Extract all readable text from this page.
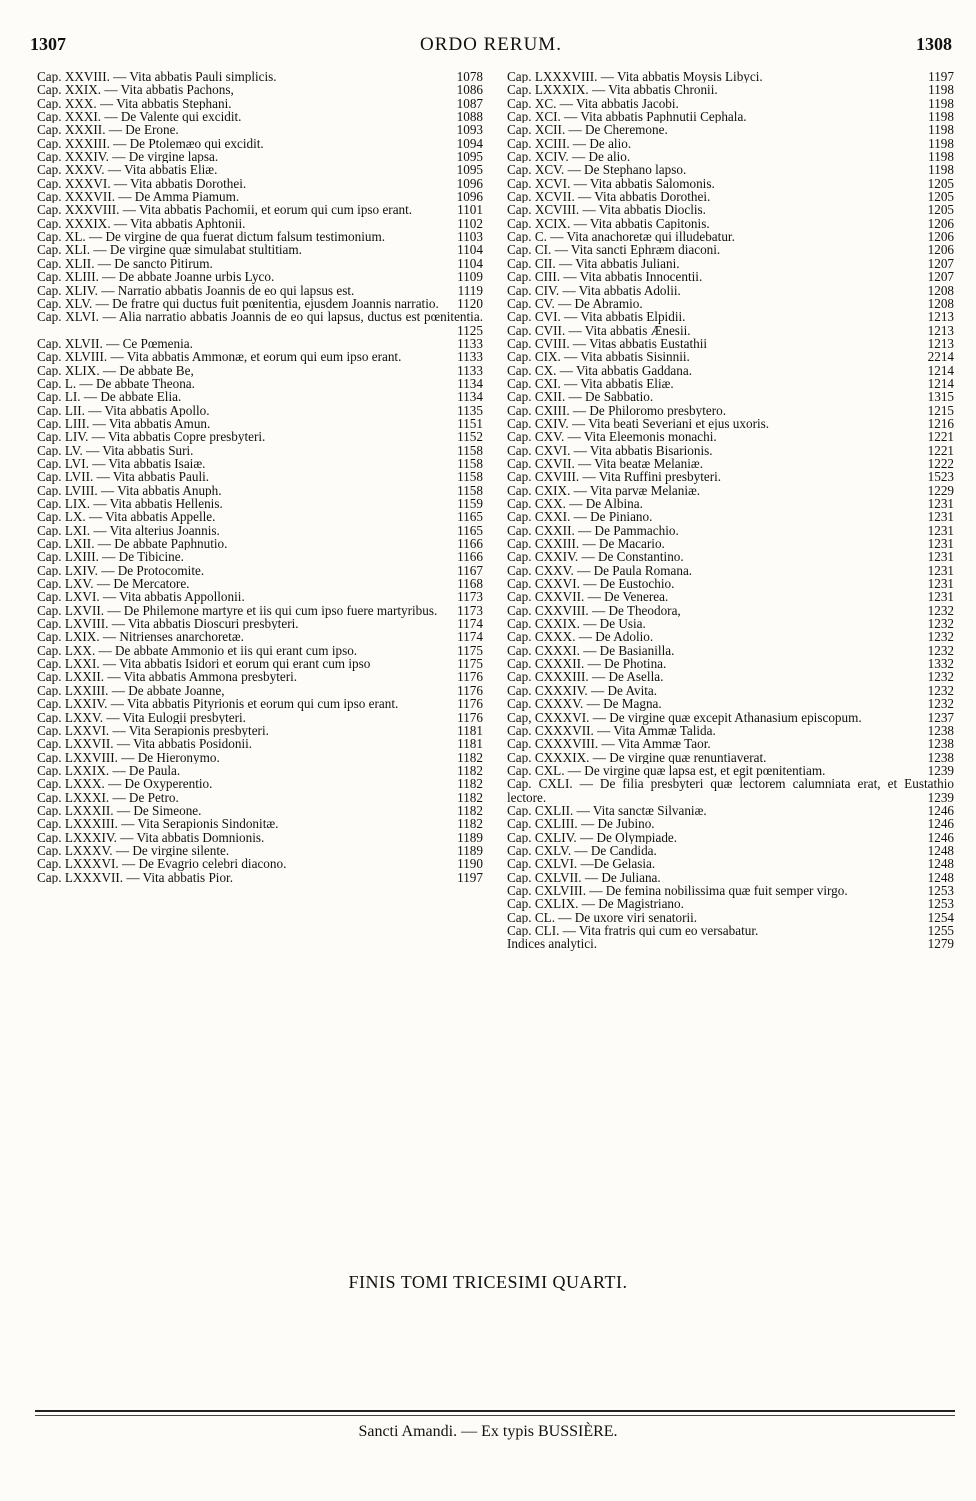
1307	ORDO RERUM.	1308
Cap. XXVIII. — Vita abbatis Pauli simplicis.	1078
Cap. XXIX. — Vita abbatis Pachons,	1086
Cap. XXX. — Vita abbatis Stephani.	1087
Cap. XXXI. — De Valente qui excidit.	1088
Cap. XXXII. — De Erone.	1093
Cap. XXXIII. — De Ptolemæo qui excidit.	1094
Cap. XXXIV. — De virgine lapsa.	1095
Cap. XXXV. — Vita abbatis Eliæ.	1095
Cap. XXXVI. — Vita abbatis Dorothei.	1096
Cap. XXXVII. — De Amma Piamum.	1096
Cap. XXXVIII. — Vita abbatis Pachomii, et eorum qui cum ipso erant.	1101
Cap. XXXIX. — Vita abbatis Aphtonii.	1102
Cap. XL. — De virgine de qua fuerat dictum falsum testimonium.	1103
Cap. XLI. — De virgine quæ simulabat stultitiam.	1104
Cap. XLII. — De sancto Pitirum.	1104
Cap. XLIII. — De abbate Joanne urbis Lyco.	1109
Cap. XLIV. — Narratio abbatis Joannis de eo qui lapsus est.	1119
Cap. XLV. — De fratre qui ductus fuit pœnitentia, ejusdem Joannis narratio.	1120
Cap. XLVI. — Alia narratio abbatis Joannis de eo qui lapsus, ductus est pœnitentia.
1125
Cap. XLVII. — Ce Pœmenia.	1133
Cap. XLVIII. — Vita abbatis Ammonæ, et eorum qui eum ipso erant.	1133
Cap. XLIX. — De abbate Be,	1133
Cap. L. — De abbate Theona.	1134
Cap. LI. — De abbate Elia.	1134
Cap. LII. — Vita abbatis Apollo.	1135
Cap. LIII. — Vita abbatis Amun.	1151
Cap. LIV. — Vita abbatis Copre presbyteri.	1152
Cap. LV. — Vita abbatis Suri.	1158
Cap. LVI. — Vita abbatis Isaiæ.	1158
Cap. LVII. — Vita abbatis Pauli.	1158
Cap. LVIII. — Vita abbatis Anuph.	1158
Cap. LIX. — Vita abbatis Hellenis.	1159
Cap. LX. — Vita abbatis Appelle.	1165
Cap. LXI. — Vita alterius Joannis.	1165
Cap. LXII. — De abbate Paphnutio.	1166
Cap. LXIII. — De Tibicine.	1166
Cap. LXIV. — De Protocomite.	1167
Cap. LXV. — De Mercatore.	1168
Cap. LXVI. — Vita abbatis Appollonii.	1173
Cap. LXVII. — De Philemone martyre et iis qui cum ipso fuere martyribus.	1173
Cap. LXVIII. — Vita abbatis Dioscuri presbyteri.	1174
Cap. LXIX. — Nitrienses anarchoretæ.	1174
Cap. LXX. — De abbate Ammonio et iis qui erant cum ipso.	1175
Cap. LXXI. — Vita abbatis Isidori et eorum qui erant cum ipso	1175
Cap. LXXII. — Vita abbatis Ammona presbyteri.	1176
Cap. LXXIII. — De abbate Joanne,	1176
Cap. LXXIV. — Vita abbatis Pityrionis et eorum qui cum ipso erant.	1176
Cap. LXXV. — Vita Eulogii presbyteri.	1176
Cap. LXXVI. — Vita Serapionis presbyteri.	1181
Cap. LXXVII. — Vita abbatis Posidonii.	1181
Cap. LXXVIII. — De Hieronymo.	1182
Cap. LXXIX. — De Paula.	1182
Cap. LXXX. — De Oxyperentio.	1182
Cap. LXXXI. — De Petro.	1182
Cap. LXXXII. — De Simeone.	1182
Cap. LXXXIII. — Vita Serapionis Sindonitæ.	1182
Cap. LXXXIV. — Vita abbatis Domnionis.	1189
Cap. LXXXV. — De virgine silente.	1189
Cap. LXXXVI. — De Evagrio celebri diacono.	1190
Cap. LXXXVII. — Vita abbatis Pior.	1197
Cap. LXXXVIII. — Vita abbatis Moysis Libyci.	1197
Cap. LXXXIX. — Vita abbatis Chronii.	1198
Cap. XC. — Vita abbatis Jacobi.	1198
Cap. XCI. — Vita abbatis Paphnutii Cephala.	1198
Cap. XCII. — De Cheremone.	1198
Cap. XCIII. — De alio.	1198
Cap. XCIV. — De alio.	1198
Cap. XCV. — De Stephano lapso.	1198
Cap. XCVI. — Vita abbatis Salomonis.	1205
Cap. XCVII. — Vita abbatis Dorothei.	1205
Cap. XCVIII. — Vita abbatis Dioclis.	1205
Cap. XCIX. — Vita abbatis Capitonis.	1206
Cap. C. — Vita anachoretæ qui illudebatur.	1206
Cap. CI. — Vita sancti Ephræm diaconi.	1206
Cap. CII. — Vita abbatis Juliani.	1207
Cap. CIII. — Vita abbatis Innocentii.	1207
Cap. CIV. — Vita abbatis Adolii.	1208
Cap. CV. — De Abramio.	1208
Cap. CVI. — Vita abbatis Elpidii.	1213
Cap. CVII. — Vita abbatis Ænesii.	1213
Cap. CVIII. — Vitas abbatis Eustathii	1213
Cap. CIX. — Vita abbatis Sisinnii.	2214
Cap. CX. — Vita abbatis Gaddana.	1214
Cap. CXI. — Vita abbatis Eliæ.	1214
Cap. CXII. — De Sabbatio.	1315
Cap. CXIII. — De Philoromo presbytero.	1215
Cap. CXIV. — Vita beati Severiani et ejus uxoris.	1216
Cap. CXV. — Vita Eleemonis monachi.	1221
Cap. CXVI. — Vita abbatis Bisarionis.	1221
Cap. CXVII. — Vita beatæ Melaniæ.	1222
Cap. CXVIII. — Vita Ruffini presbyteri.	1523
Cap. CXIX. — Vita parvæ Melaniæ.	1229
Cap. CXX. — De Albina.	1231
Cap. CXXI. — De Piniano.	1231
Cap. CXXII. — De Pammachio.	1231
Cap. CXXIII. — De Macario.	1231
Cap. CXXIV. — De Constantino.	1231
Cap. CXXV. — De Paula Romana.	1231
Cap. CXXVI. — De Eustochio.	1231
Cap. CXXVII. — De Venerea.	1231
Cap. CXXVIII. — De Theodora,	1232
Cap. CXXIX. — De Usia.	1232
Cap. CXXX. — De Adolio.	1232
Cap. CXXXI. — De Basianilla.	1232
Cap. CXXXII. — De Photina.	1332
Cap. CXXXIII. — De Asella.	1232
Cap. CXXXIV. — De Avita.	1232
Cap. CXXXV. — De Magna.	1232
Cap, CXXXVI. — De virgine quæ excepit Athanasium episcopum.	1237
Cap. CXXXVII. — Vita Ammæ Talida.	1238
Cap. CXXXVIII. — Vita Ammæ Taor.	1238
Cap. CXXXIX. — De virgine quæ renuntiaverat.	1238
Cap. CXL. — De virgine quæ lapsa est, et egit pœnitentiam.	1239
Cap. CXLI. — De filia presbyteri quæ lectorem calumniata erat, et Eustathio lectore.	1239
Cap. CXLII. — Vita sanctæ Silvaniæ.	1246
Cap. CXLIII. — De Jubino.	1246
Cap. CXLIV. — De Olympiade.	1246
Cap. CXLV. — De Candida.	1248
Cap. CXLVI. —De Gelasia.	1248
Cap. CXLVII. — De Juliana.	1248
Cap. CXLVIII. — De femina nobilissima quæ fuit semper virgo.	1253
Cap. CXLIX. — De Magistriano.	1253
Cap. CL. — De uxore viri senatorii.	1254
Cap. CLI. — Vita fratris qui cum eo versabatur.	1255
Indices analytici.	1279
FINIS TOMI TRICESIMI QUARTI.
Sancti Amandi. — Ex typis BUSSIÈRE.
